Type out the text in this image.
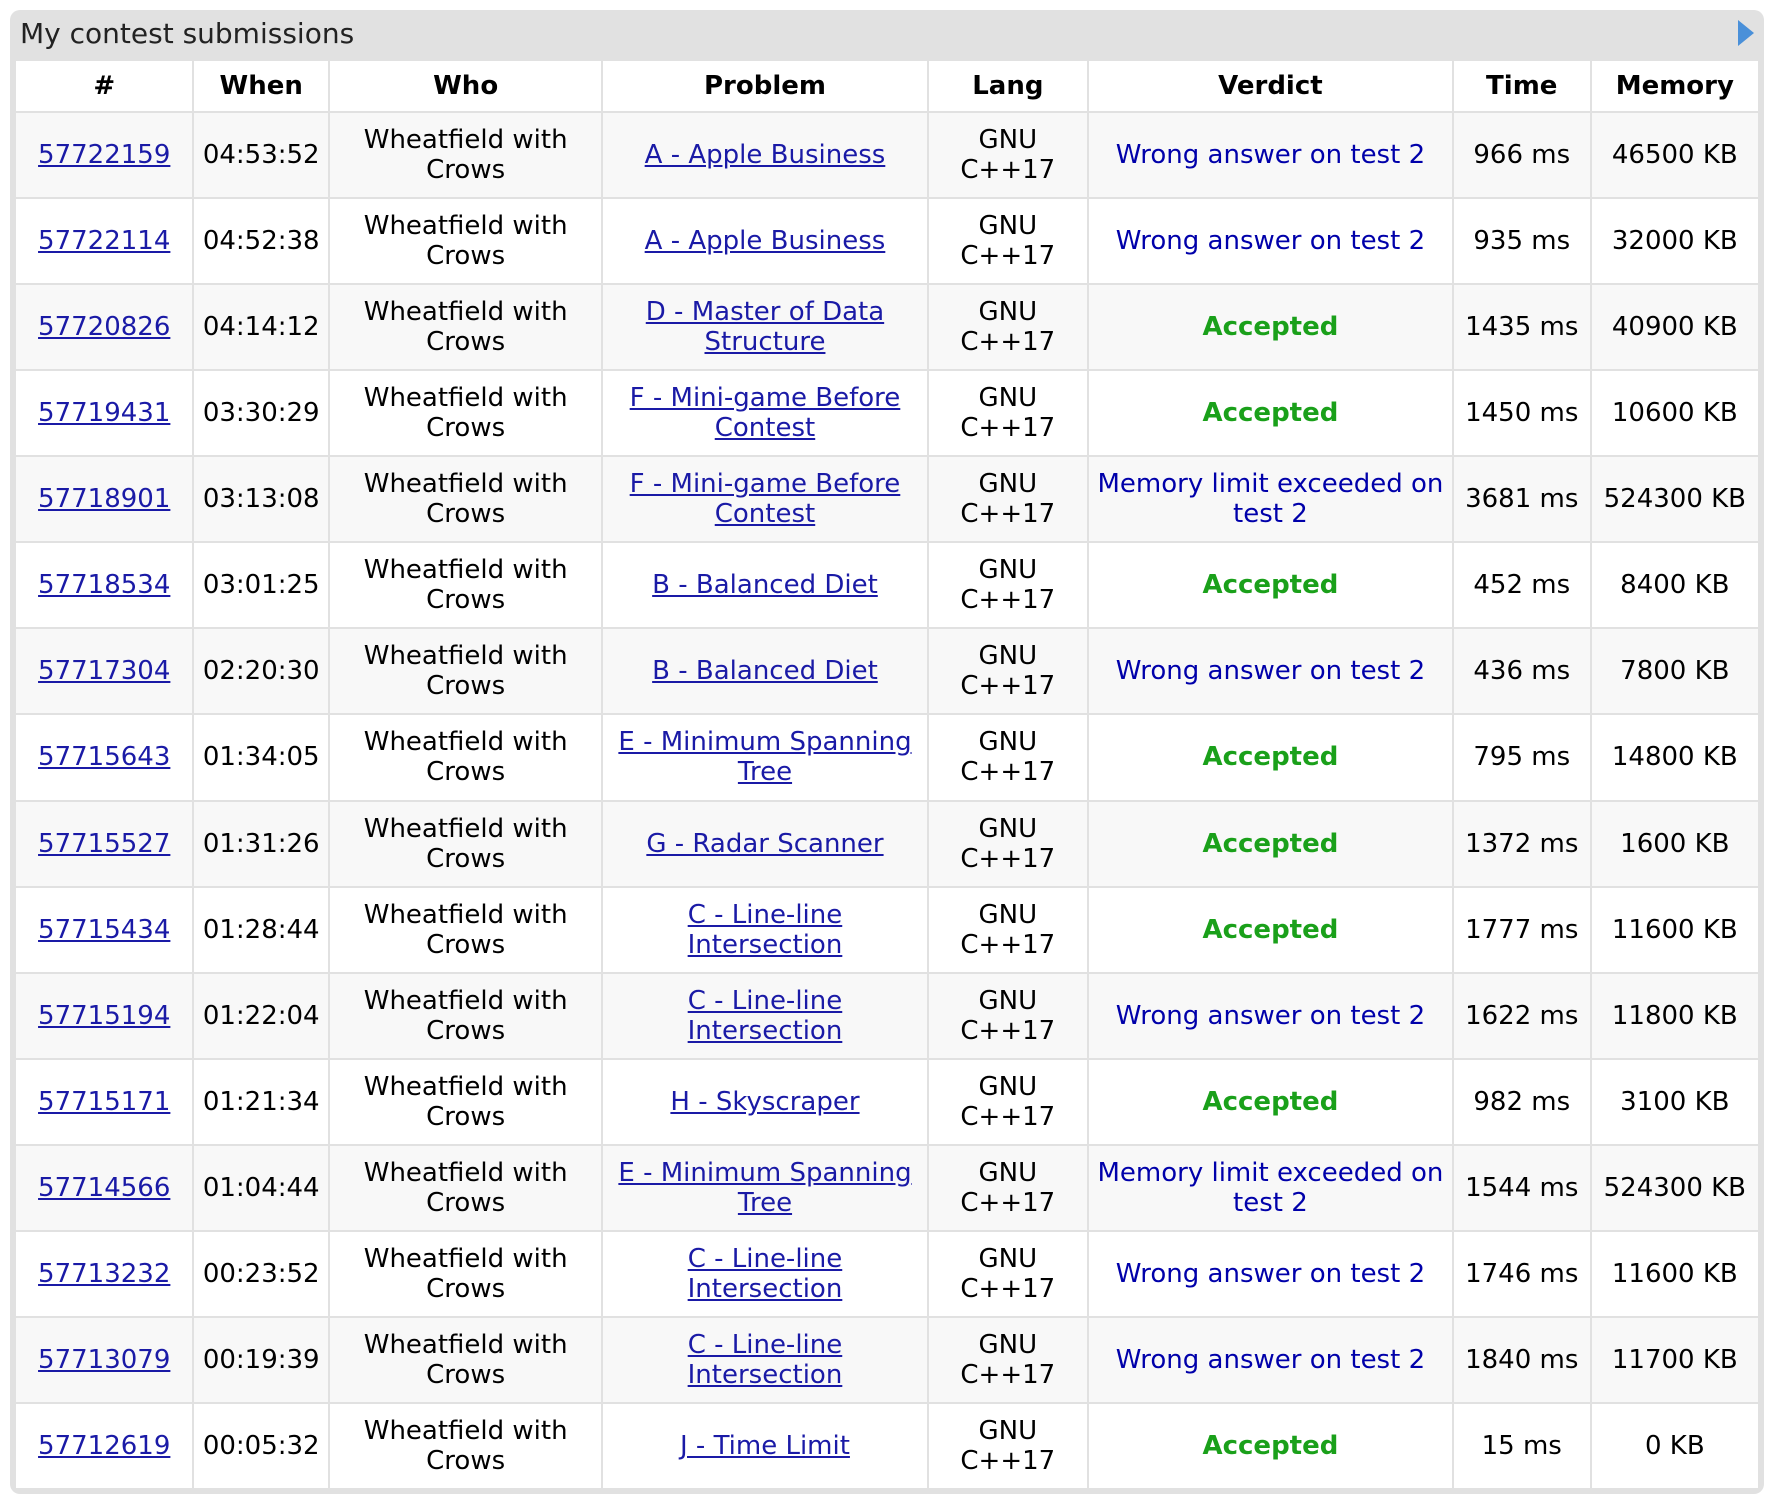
My contest submissions
#	When	Who	Problem	Lang	Verdict	Time	Memory
57722159	04:53:52	Wheatfield with Crows	A - Apple Business	GNU C++17	Wrong answer on test 2	966 ms	46500 KB
57722114	04:52:38	Wheatfield with Crows	A - Apple Business	GNU C++17	Wrong answer on test 2	935 ms	32000 KB
57720826	04:14:12	Wheatfield with Crows	D - Master of Data Structure	GNU C++17	Accepted	1435 ms	40900 KB
57719431	03:30:29	Wheatfield with Crows	F - Mini-game Before Contest	GNU C++17	Accepted	1450 ms	10600 KB
57718901	03:13:08	Wheatfield with Crows	F - Mini-game Before Contest	GNU C++17	Memory limit exceeded on test 2	3681 ms	524300 KB
57718534	03:01:25	Wheatfield with Crows	B - Balanced Diet	GNU C++17	Accepted	452 ms	8400 KB
57717304	02:20:30	Wheatfield with Crows	B - Balanced Diet	GNU C++17	Wrong answer on test 2	436 ms	7800 KB
57715643	01:34:05	Wheatfield with Crows	E - Minimum Spanning Tree	GNU C++17	Accepted	795 ms	14800 KB
57715527	01:31:26	Wheatfield with Crows	G - Radar Scanner	GNU C++17	Accepted	1372 ms	1600 KB
57715434	01:28:44	Wheatfield with Crows	C - Line-line Intersection	GNU C++17	Accepted	1777 ms	11600 KB
57715194	01:22:04	Wheatfield with Crows	C - Line-line Intersection	GNU C++17	Wrong answer on test 2	1622 ms	11800 KB
57715171	01:21:34	Wheatfield with Crows	H - Skyscraper	GNU C++17	Accepted	982 ms	3100 KB
57714566	01:04:44	Wheatfield with Crows	E - Minimum Spanning Tree	GNU C++17	Memory limit exceeded on test 2	1544 ms	524300 KB
57713232	00:23:52	Wheatfield with Crows	C - Line-line Intersection	GNU C++17	Wrong answer on test 2	1746 ms	11600 KB
57713079	00:19:39	Wheatfield with Crows	C - Line-line Intersection	GNU C++17	Wrong answer on test 2	1840 ms	11700 KB
57712619	00:05:32	Wheatfield with Crows	J - Time Limit	GNU C++17	Accepted	15 ms	0 KB
